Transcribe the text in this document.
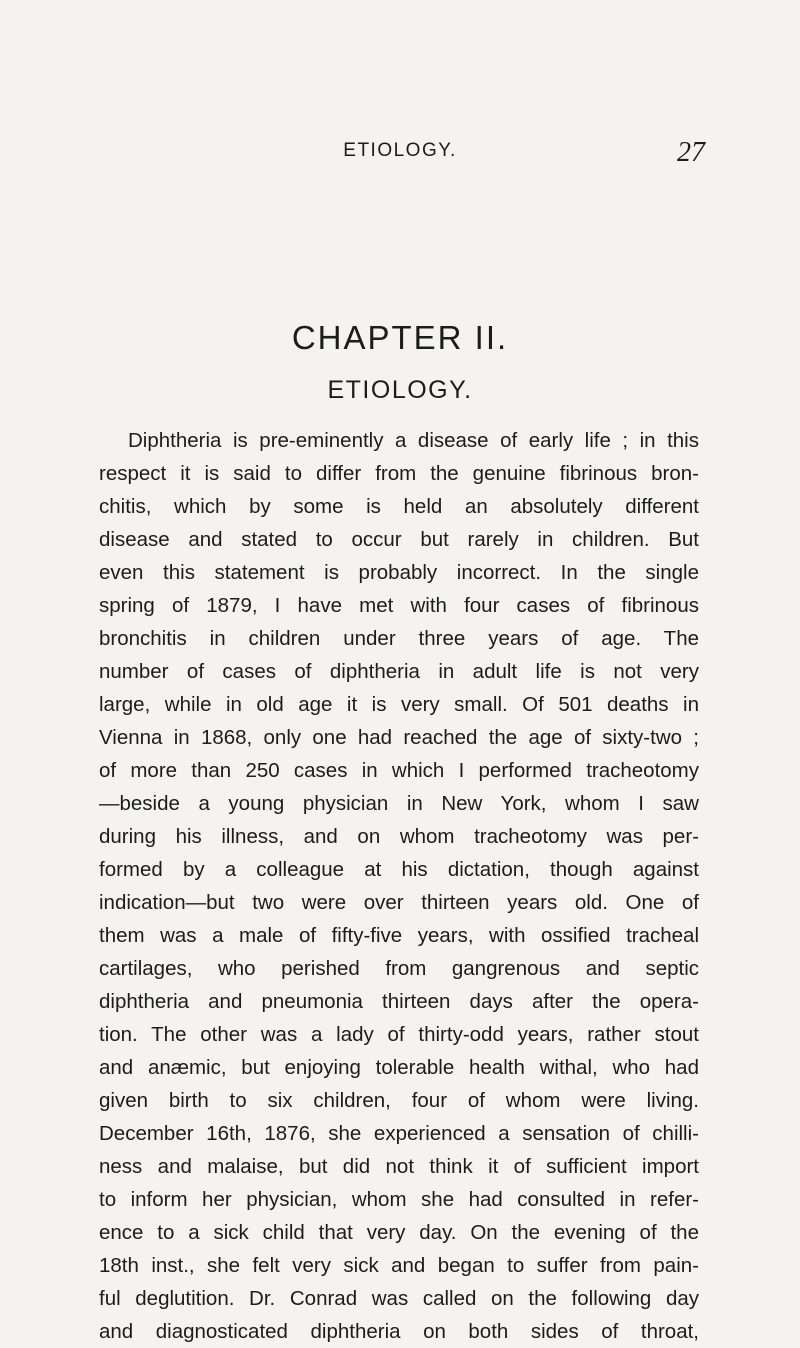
ETIOLOGY.	27
CHAPTER II.
ETIOLOGY.
Diphtheria is pre-eminently a disease of early life ; in this
respect it is said to differ from the genuine fibrinous bron-
chitis, which by some is held an absolutely different
disease and stated to occur but rarely in children. But
even this statement is probably incorrect. In the single
spring of 1879, I have met with four cases of fibrinous
bronchitis in children under three years of age. The
number of cases of diphtheria in adult life is not very
large, while in old age it is very small. Of 501 deaths in
Vienna in 1868, only one had reached the age of sixty-two ;
of more than 250 cases in which I performed tracheotomy
—beside a young physician in New York, whom I saw
during his illness, and on whom tracheotomy was per-
formed by a colleague at his dictation, though against
indication—but two were over thirteen years old. One of
them was a male of fifty-five years, with ossified tracheal
cartilages, who perished from gangrenous and septic
diphtheria and pneumonia thirteen days after the opera-
tion. The other was a lady of thirty-odd years, rather stout
and anæmic, but enjoying tolerable health withal, who had
given birth to six children, four of whom were living.
December 16th, 1876, she experienced a sensation of chilli-
ness and malaise, but did not think it of sufficient import
to inform her physician, whom she had consulted in refer-
ence to a sick child that very day. On the evening of the
18th inst., she felt very sick and began to suffer from pain-
ful deglutition. Dr. Conrad was called on the following day
and diagnosticated diphtheria on both sides of throat,
